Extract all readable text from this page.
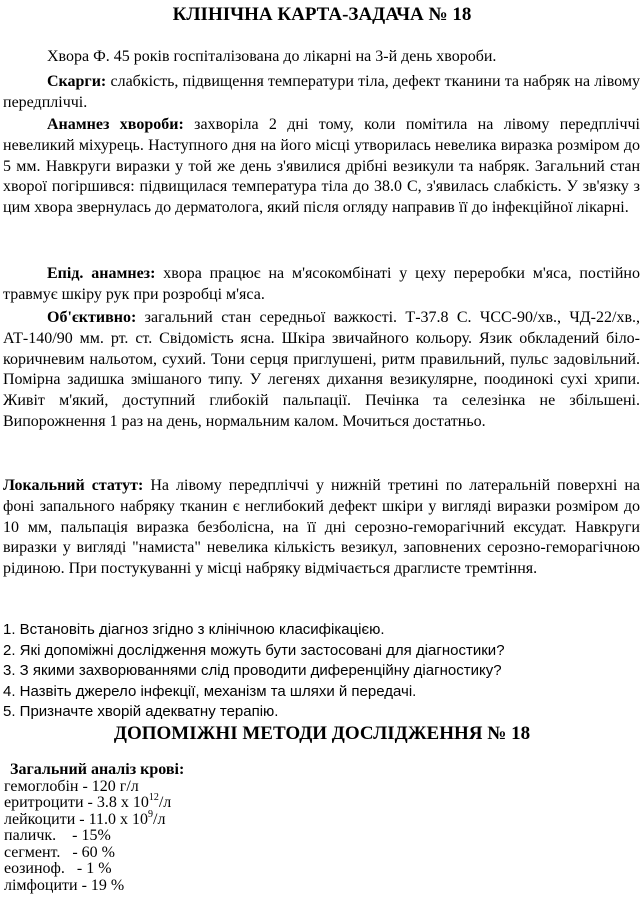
КЛІНІЧНА КАРТА-ЗАДАЧА № 18

Хвора Ф. 45 років госпіталізована до лікарні на 3-й день хвороби.

Скарги: слабкість, підвищення температури тіла, дефект тканини та набряк на лівому передпліччі.

Анамнез хвороби: захворіла 2 дні тому, коли помітила на лівому передпліччі невеликий міхурець. Наступного дня на його місці утворилась невелика виразка розміром до 5 мм. Навкруги виразки у той же день з'явилися дрібні везикули та набряк. Загальний стан хворої погіршився: підвищилася температура тіла до 38.0 С, з'явилась слабкість. У зв'язку з цим хвора звернулась до дерматолога, який після огляду направив її до інфекційної лікарні.

Епід. анамнез: хвора працює на м'ясокомбінаті у цеху переробки м'яса, постійно травмує шкіру рук при розробці м'яса.

Об'єктивно: загальний стан середньої важкості. Т-37.8 С. ЧСС-90/хв., ЧД-22/хв., АТ-140/90 мм. рт. ст. Свідомість ясна. Шкіра звичайного кольору. Язик обкладений біло-коричневим нальотом, сухий. Тони серця приглушені, ритм правильний, пульс задовільний. Помірна задишка змішаного типу. У легенях дихання везикулярне, поодинокі сухі хрипи. Живіт м'який, доступний глибокій пальпації. Печінка та селезінка не збільшені. Випорожнення 1 раз на день, нормальним калом. Мочиться достатньо.

Локальний статут: На лівому передпліччі у нижній третині по латеральній поверхні на фоні запального набряку тканин є неглибокий дефект шкіри у вигляді виразки розміром до 10 мм, пальпація виразка безболісна, на її дні серозно-геморагічний ексудат. Навкруги виразки у вигляді "намиста" невелика кількість везикул, заповнених серозно-геморагічною рідиною. При постукуванні у місці набряку відмічається драглисте тремтіння.

1. Встановіть діагноз згідно з клінічною класифікацією.
2. Які допоміжні дослідження можуть бути застосовані для діагностики?
3. З якими захворюваннями слід проводити диференційну діагностику?
4. Назвіть джерело інфекції, механізм та шляхи й передачі.
5. Призначте хворій адекватну терапію.
ДОПОМІЖНІ МЕТОДИ ДОСЛІДЖЕННЯ № 18
Загальний аналіз крові:
гемоглобін - 120 г/л
еритроцити - 3.8 х $10^{12}/л$
лейкоцити - 11.0 х $10^9/л$
паличк.    - 15%
сегмент.   - 60 %
еозиноф.   - 1 %
лімфоцити - 19 %
